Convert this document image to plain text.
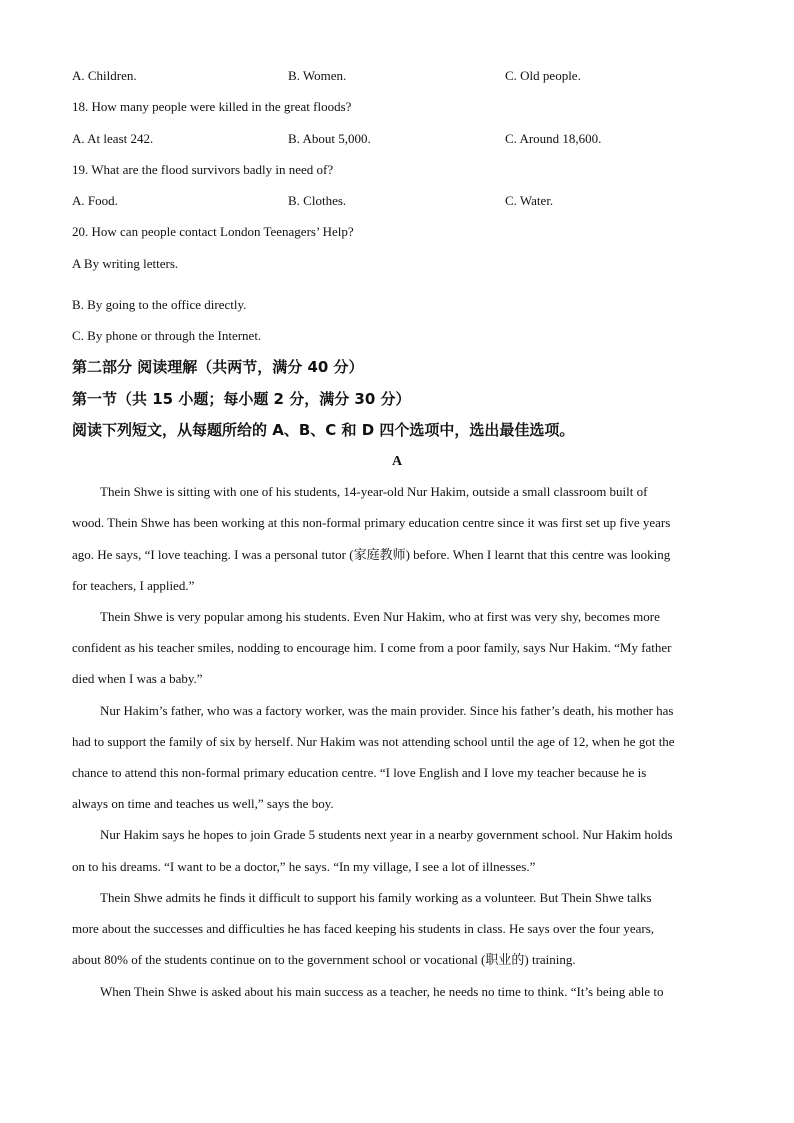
A. Children.	B. Women.	C. Old people.
18. How many people were killed in the great floods?
A. At least 242.	B. About 5,000.	C. Around 18,600.
19. What are the flood survivors badly in need of?
A. Food.	B. Clothes.	C. Water.
20. How can people contact London Teenagers’ Help?
A By writing letters.
B. By going to the office directly.
C. By phone or through the Internet.
第二部分 阅读理解（共两节，满分 40 分）
第一节（共 15 小题；每小题 2 分，满分 30 分）
阅读下列短文，从每题所给的 A、B、C 和 D 四个选项中，选出最佳选项。
A
Thein Shwe is sitting with one of his students, 14-year-old Nur Hakim, outside a small classroom built of
wood. Thein Shwe has been working at this non-formal primary education centre since it was first set up five years
ago. He says, “I love teaching. I was a personal tutor (家庭教师) before. When I learnt that this centre was looking
for teachers, I applied.”
Thein Shwe is very popular among his students. Even Nur Hakim, who at first was very shy, becomes more
confident as his teacher smiles, nodding to encourage him. I come from a poor family, says Nur Hakim. “My father
died when I was a baby.”
Nur Hakim’s father, who was a factory worker, was the main provider. Since his father’s death, his mother has
had to support the family of six by herself. Nur Hakim was not attending school until the age of 12, when he got the
chance to attend this non-formal primary education centre. “I love English and I love my teacher because he is
always on time and teaches us well,” says the boy.
Nur Hakim says he hopes to join Grade 5 students next year in a nearby government school. Nur Hakim holds
on to his dreams. “I want to be a doctor,” he says. “In my village, I see a lot of illnesses.”
Thein Shwe admits he finds it difficult to support his family working as a volunteer. But Thein Shwe talks
more about the successes and difficulties he has faced keeping his students in class. He says over the four years,
about 80% of the students continue on to the government school or vocational (职业的) training.
When Thein Shwe is asked about his main success as a teacher, he needs no time to think. “It’s being able to
